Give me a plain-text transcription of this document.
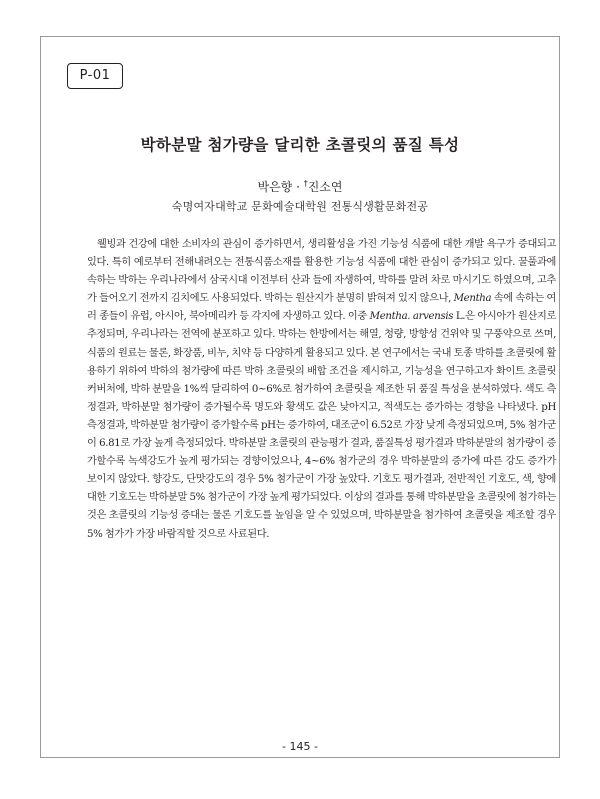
P-01
박하분말 첨가량을 달리한 초콜릿의 품질 특성
박은향 · †진소연
숙명여자대학교 문화예술대학원 전통식생활문화전공

웰빙과 건강에 대한 소비자의 관심이 증가하면서, 생리활성을 가진 기능성 식품에 대한 개발 욕구가 증대되고 있다. 특히 예로부터 전해내려오는 전통식품소재를 활용한 기능성 식품에 대한 관심이 증가되고 있다. 꿀풀과에 속하는 박하는 우리나라에서 삼국시대 이전부터 산과 들에 자생하여, 박하를 말려 차로 마시기도 하였으며, 고추가 들어오기 전까지 김치에도 사용되었다. 박하는 원산지가 분명히 밝혀져 있지 않으나, Mentha 속에 속하는 여러 종들이 유럽, 아시아, 북아메리카 등 각지에 자생하고 있다. 이중 Mentha. arvensis L.은 아시아가 원산지로 추정되며, 우리나라는 전역에 분포하고 있다. 박하는 한방에서는 해열, 청량, 방향성 건위약 및 구풍약으로 쓰며, 식품의 원료는 물론, 화장품, 비누, 치약 등 다양하게 활용되고 있다. 본 연구에서는 국내 토종 박하를 초콜릿에 활용하기 위하여 박하의 첨가량에 따른 박하 초콜릿의 배합 조건을 제시하고, 기능성을 연구하고자 화이트 초콜릿 커버처에, 박하 분말을 1%씩 달리하여 0~6%로 첨가하여 초콜릿을 제조한 뒤 품질 특성을 분석하였다. 색도 측정결과, 박하분말 첨가량이 증가될수록 명도와 황색도 값은 낮아지고, 적색도는 증가하는 경향을 나타냈다. pH 측정결과, 박하분말 첨가량이 증가할수록 pH는 증가하여, 대조군이 6.52로 가장 낮게 측정되었으며, 5% 첨가군이 6.81로 가장 높게 측정되었다. 박하분말 초콜릿의 관능평가 결과, 품질특성 평가결과 박하분말의 첨가량이 증가할수록 녹색강도가 높게 평가되는 경향이었으나, 4~6% 첨가군의 경우 박하분말의 증가에 따른 강도 증가가 보이지 않았다. 향강도, 단맛강도의 경우 5% 첨가군이 가장 높았다. 기호도 평가결과, 전반적인 기호도, 색, 향에 대한 기호도는 박하분말 5% 첨가군이 가장 높게 평가되었다. 이상의 결과를 통해 박하분말을 초콜릿에 첨가하는 것은 초콜릿의 기능성 증대는 물론 기호도를 높임을 알 수 있었으며, 박하분말을 첨가하여 초콜릿을 제조할 경우 5% 첨가가 가장 바람직할 것으로 사료된다.

- 145 -
